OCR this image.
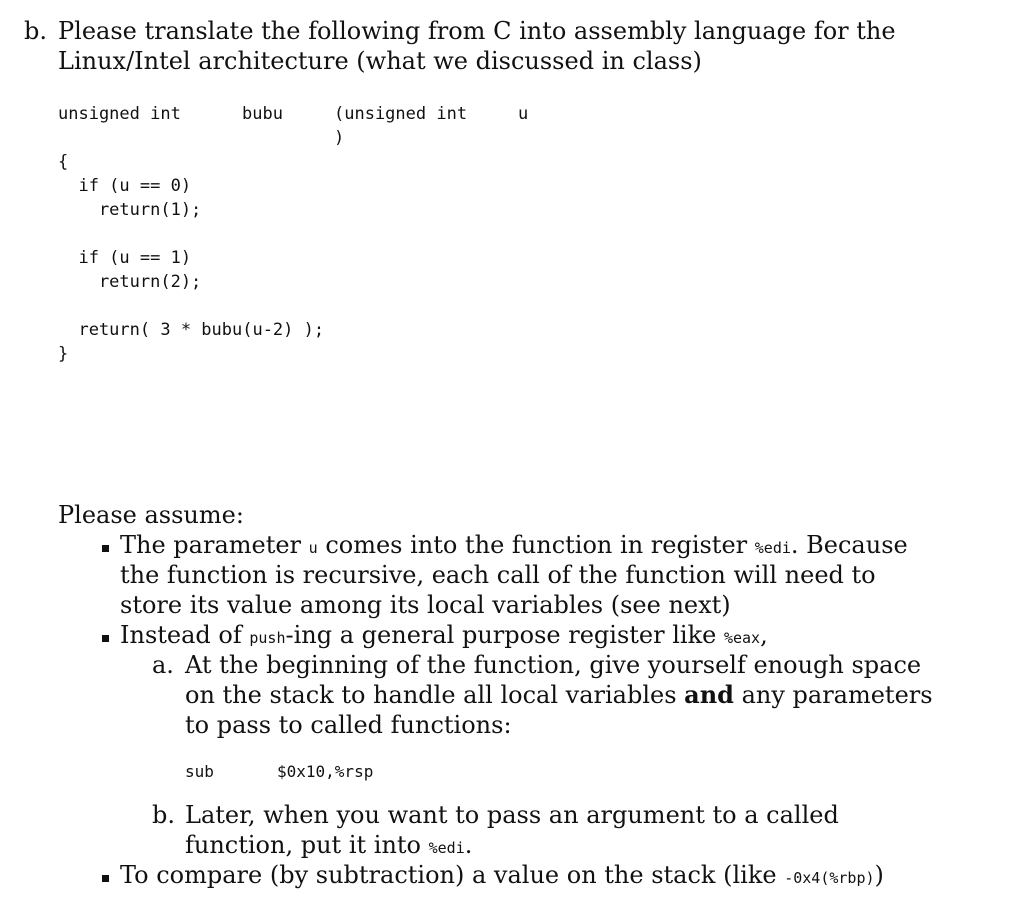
b. Please translate the following from C into assembly language for the
Linux/Intel architecture (what we discussed in class)
unsigned int	bubu	(unsigned int	u
)
{
if (u == 0)
return(1);
if (u == 1)
return(2);
return( 3 * bubu(u-2) );
}
Please assume:
The parameter u comes into the function in register %edi. Because
the function is recursive, each call of the function will need to
store its value among its local variables (see next)
Instead of push-ing a general purpose register like %eax,
a. At the beginning of the function, give yourself enough space
on the stack to handle all local variables and any parameters
to pass to called functions:
sub	$0x10,%rsp
b. Later, when you want to pass an argument to a called
function, put it into %edi.
To compare (by subtraction) a value on the stack (like -0x4(%rbp))
